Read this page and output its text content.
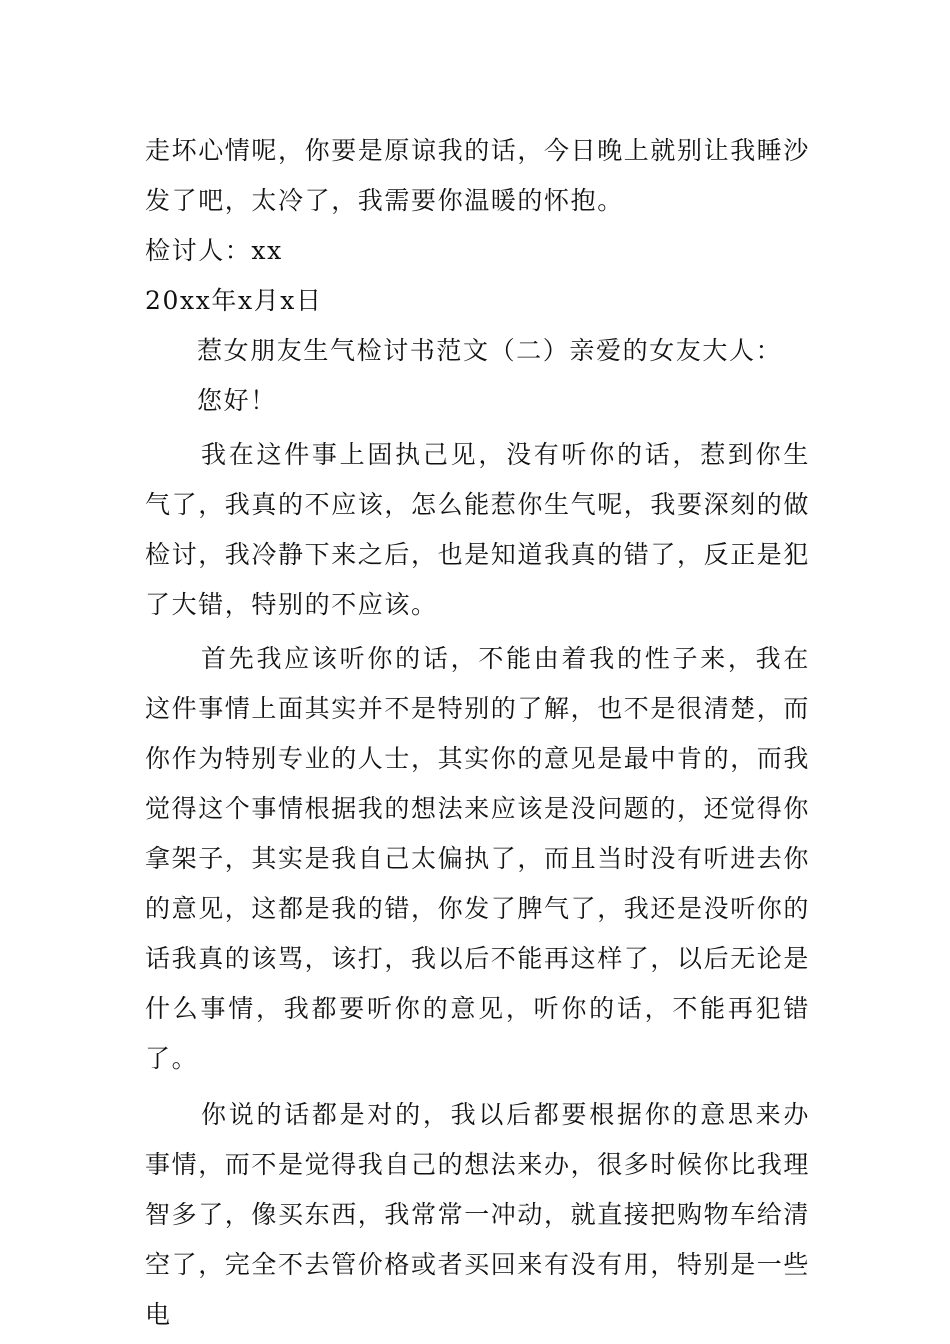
走坏心情呢，你要是原谅我的话，今日晚上就别让我睡沙发了吧，太冷了，我需要你温暖的怀抱。

检讨人：xx

20xx年x月x日

惹女朋友生气检讨书范文（二）亲爱的女友大人：

您好！

我在这件事上固执己见，没有听你的话，惹到你生气了，我真的不应该，怎么能惹你生气呢，我要深刻的做检讨，我冷静下来之后，也是知道我真的错了，反正是犯了大错，特别的不应该。

首先我应该听你的话，不能由着我的性子来，我在这件事情上面其实并不是特别的了解，也不是很清楚，而你作为特别专业的人士，其实你的意见是最中肯的，而我觉得这个事情根据我的想法来应该是没问题的，还觉得你拿架子，其实是我自己太偏执了，而且当时没有听进去你的意见，这都是我的错，你发了脾气了，我还是没听你的话我真的该骂，该打，我以后不能再这样了，以后无论是什么事情，我都要听你的意见，听你的话，不能再犯错了。

你说的话都是对的，我以后都要根据你的意思来办事情，而不是觉得我自己的想法来办，很多时候你比我理智多了，像买东西，我常常一冲动，就直接把购物车给清空了，完全不去管价格或者买回来有没有用，特别是一些电
